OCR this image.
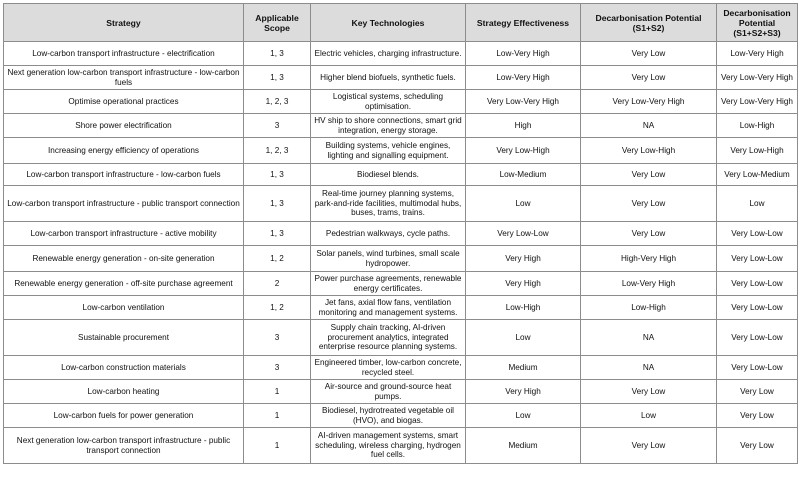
Strategy	Applicable Scope	Key Technologies	Strategy Effectiveness	Decarbonisation Potential (S1+S2)	Decarbonisation Potential (S1+S2+S3)
Low-carbon transport infrastructure - electrification	1, 3	Electric vehicles, charging infrastructure.	Low-Very High	Very Low	Low-Very High
Next generation low-carbon transport infrastructure - low-carbon fuels	1, 3	Higher blend biofuels, synthetic fuels.	Low-Very High	Very Low	Very Low-Very High
Optimise operational practices	1, 2, 3	Logistical systems, scheduling optimisation.	Very Low-Very High	Very Low-Very High	Very Low-Very High
Shore power electrification	3	HV ship to shore connections, smart grid integration, energy storage.	High	NA	Low-High
Increasing energy efficiency of operations	1, 2, 3	Building systems, vehicle engines, lighting and signalling equipment.	Very Low-High	Very Low-High	Very Low-High
Low-carbon transport infrastructure - low-carbon fuels	1, 3	Biodiesel blends.	Low-Medium	Very Low	Very Low-Medium
Low-carbon transport infrastructure - public transport connection	1, 3	Real-time journey planning systems, park-and-ride facilities, multimodal hubs, buses, trams, trains.	Low	Very Low	Low
Low-carbon transport infrastructure - active mobility	1, 3	Pedestrian walkways, cycle paths.	Very Low-Low	Very Low	Very Low-Low
Renewable energy generation - on-site generation	1, 2	Solar panels, wind turbines, small scale hydropower.	Very High	High-Very High	Very Low-Low
Renewable energy generation - off-site purchase agreement	2	Power purchase agreements, renewable energy certificates.	Very High	Low-Very High	Very Low-Low
Low-carbon ventilation	1, 2	Jet fans, axial flow fans, ventilation monitoring and management systems.	Low-High	Low-High	Very Low-Low
Sustainable procurement	3	Supply chain tracking, AI-driven procurement analytics, integrated enterprise resource planning systems.	Low	NA	Very Low-Low
Low-carbon construction materials	3	Engineered timber, low-carbon concrete, recycled steel.	Medium	NA	Very Low-Low
Low-carbon heating	1	Air-source and ground-source heat pumps.	Very High	Very Low	Very Low
Low-carbon fuels for power generation	1	Biodiesel, hydrotreated vegetable oil (HVO), and biogas.	Low	Low	Very Low
Next generation low-carbon transport infrastructure - public transport connection	1	AI-driven management systems, smart scheduling, wireless charging, hydrogen fuel cells.	Medium	Very Low	Very Low
